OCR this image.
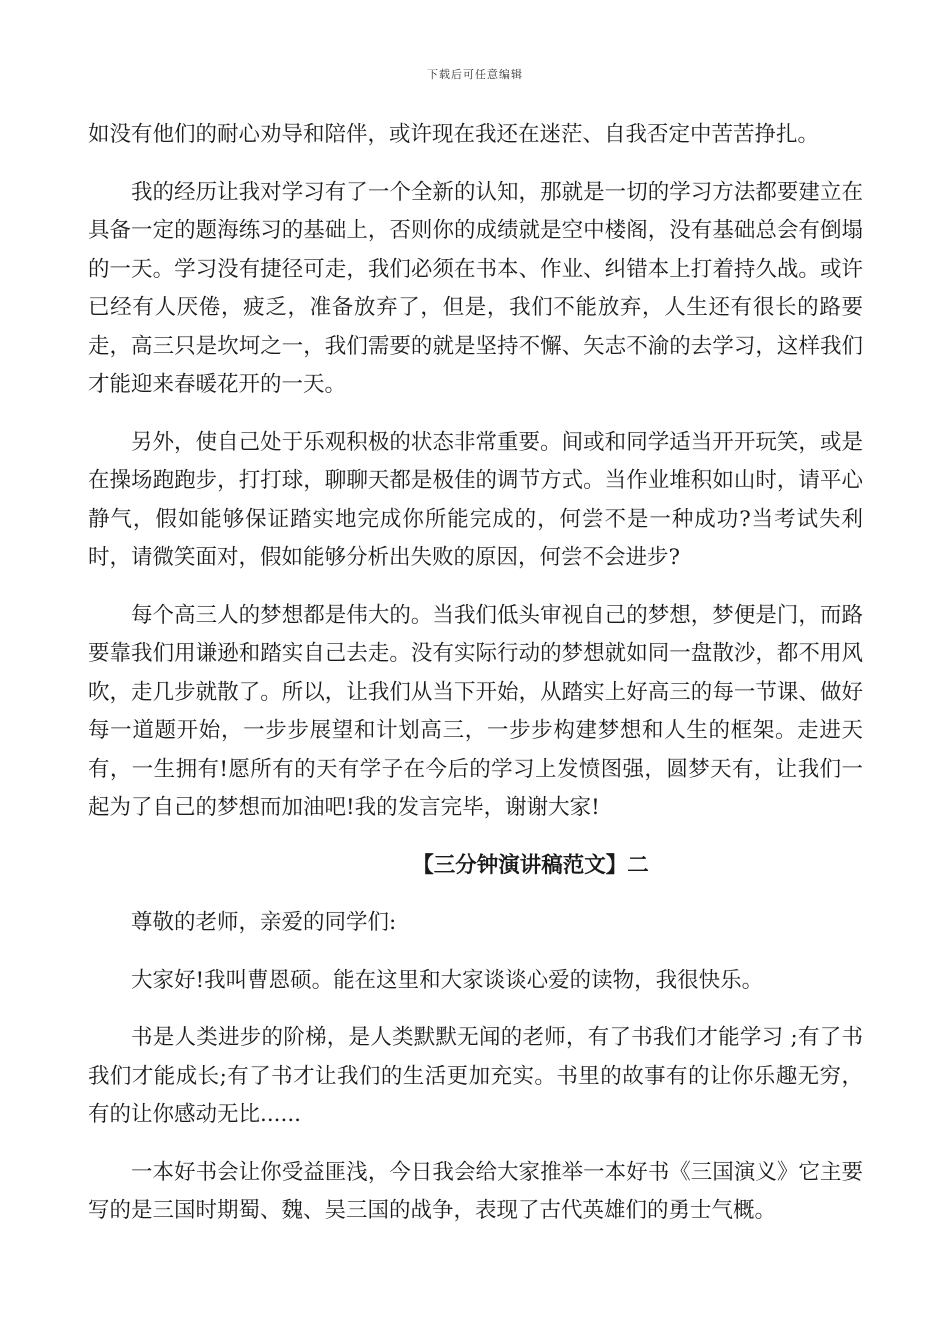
下载后可任意编辑

如没有他们的耐心劝导和陪伴，或许现在我还在迷茫、自我否定中苦苦挣扎。

我的经历让我对学习有了一个全新的认知，那就是一切的学习方法都要建立在具备一定的题海练习的基础上，否则你的成绩就是空中楼阁，没有基础总会有倒塌的一天。学习没有捷径可走，我们必须在书本、作业、纠错本上打着持久战。或许已经有人厌倦，疲乏，准备放弃了，但是，我们不能放弃，人生还有很长的路要走，高三只是坎坷之一，我们需要的就是坚持不懈、矢志不渝的去学习，这样我们才能迎来春暖花开的一天。

另外，使自己处于乐观积极的状态非常重要。间或和同学适当开开玩笑，或是在操场跑跑步，打打球，聊聊天都是极佳的调节方式。当作业堆积如山时，请平心静气，假如能够保证踏实地完成你所能完成的，何尝不是一种成功?当考试失利时，请微笑面对，假如能够分析出失败的原因，何尝不会进步?

每个高三人的梦想都是伟大的。当我们低头审视自己的梦想，梦便是门，而路要靠我们用谦逊和踏实自己去走。没有实际行动的梦想就如同一盘散沙，都不用风吹，走几步就散了。所以，让我们从当下开始，从踏实上好高三的每一节课、做好每一道题开始，一步步展望和计划高三，一步步构建梦想和人生的框架。走进天有，一生拥有!愿所有的天有学子在今后的学习上发愤图强，圆梦天有，让我们一起为了自己的梦想而加油吧!我的发言完毕，谢谢大家!

【三分钟演讲稿范文】二

尊敬的老师，亲爱的同学们:

大家好!我叫曹恩硕。能在这里和大家谈谈心爱的读物，我很快乐。

书是人类进步的阶梯，是人类默默无闻的老师，有了书我们才能学习 ;有了书我们才能成长;有了书才让我们的生活更加充实。书里的故事有的让你乐趣无穷，有的让你感动无比......

一本好书会让你受益匪浅，今日我会给大家推举一本好书《三国演义》它主要写的是三国时期蜀、魏、吴三国的战争，表现了古代英雄们的勇士气概。
